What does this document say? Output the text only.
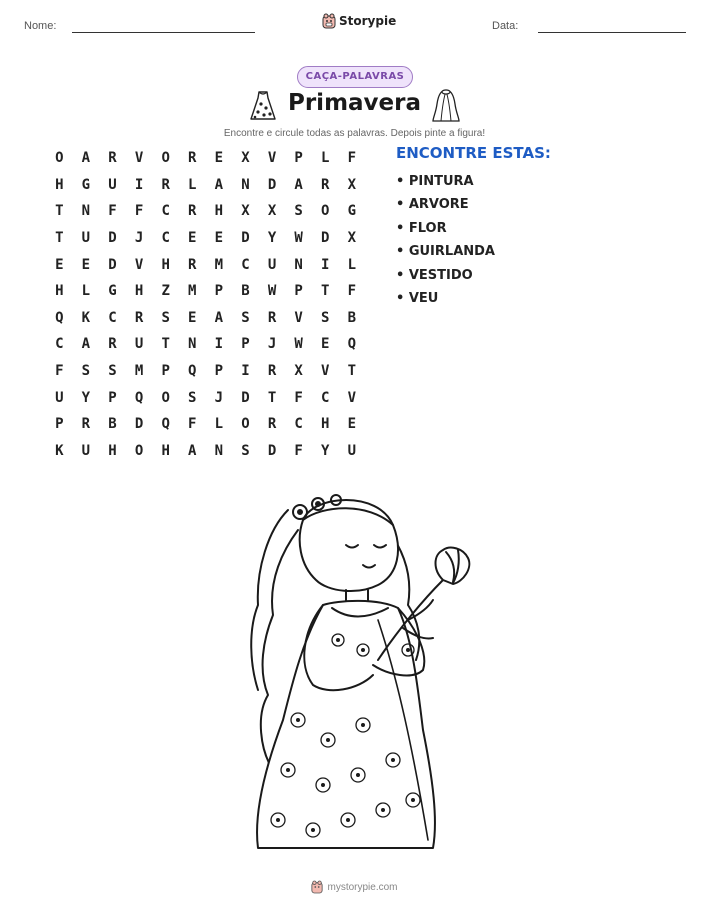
Nome:	Storypie	Data:
CAÇA-PALAVRAS
Primavera
Encontre e circule todas as palavras. Depois pinte a figura!
O	A	R	V	O	R	E	X	V	P	L	F
H	G	U	I	R	L	A	N	D	A	R	X
T	N	F	F	C	R	H	X	X	S	O	G
T	U	D	J	C	E	E	D	Y	W	D	X
E	E	D	V	H	R	M	C	U	N	I	L
H	L	G	H	Z	M	P	B	W	P	T	F
Q	K	C	R	S	E	A	S	R	V	S	B
C	A	R	U	T	N	I	P	J	W	E	Q
F	S	S	M	P	Q	P	I	R	X	V	T
U	Y	P	Q	O	S	J	D	T	F	C	V
P	R	B	D	Q	F	L	O	R	C	H	E
K	U	H	O	H	A	N	S	D	F	Y	U
ENCONTRE ESTAS:
• PINTURA
• ARVORE
• FLOR
• GUIRLANDA
• VESTIDO
• VEU
mystorypie.com
